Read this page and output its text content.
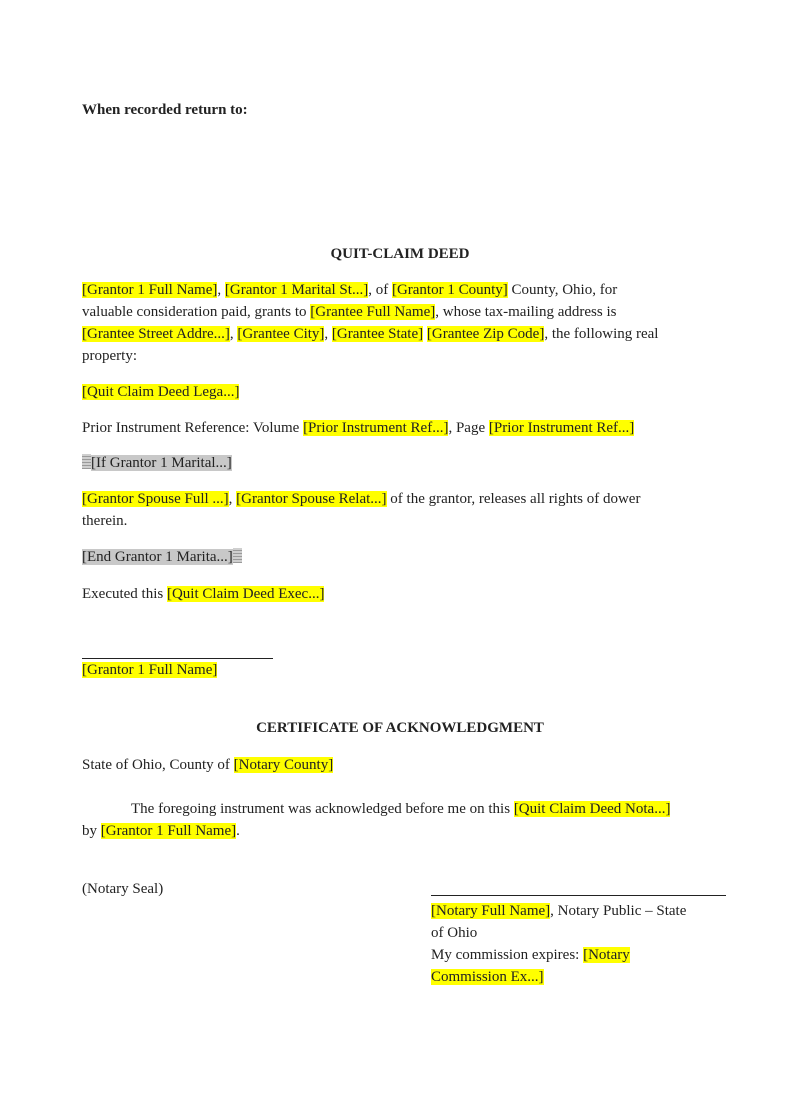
When recorded return to:

QUIT-CLAIM DEED

[Grantor 1 Full Name], [Grantor 1 Marital St...], of [Grantor 1 County] County, Ohio, for

valuable consideration paid, grants to [Grantee Full Name], whose tax-mailing address is

[Grantee Street Addre...], [Grantee City], [Grantee State] [Grantee Zip Code], the following real

property:

[Quit Claim Deed Lega...]

Prior Instrument Reference: Volume [Prior Instrument Ref...], Page [Prior Instrument Ref...]

[If Grantor 1 Marital...]

[Grantor Spouse Full ...], [Grantor Spouse Relat...] of the grantor, releases all rights of dower

therein.

[End Grantor 1 Marita...]

Executed this [Quit Claim Deed Exec...]

[Grantor 1 Full Name]

CERTIFICATE OF ACKNOWLEDGMENT

State of Ohio, County of [Notary County]

The foregoing instrument was acknowledged before me on this [Quit Claim Deed Nota...]

by [Grantor 1 Full Name].

(Notary Seal)

[Notary Full Name], Notary Public – State

of Ohio

My commission expires: [Notary

Commission Ex...]
